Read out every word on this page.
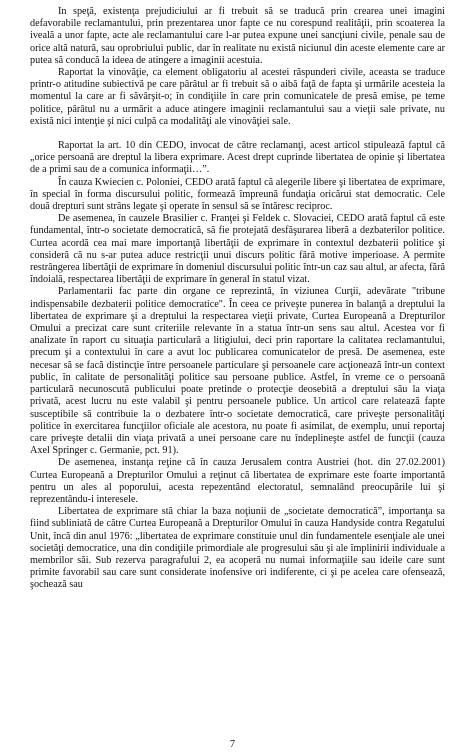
În speţă, existenţa prejudiciului ar fi trebuit să se traducă prin crearea unei imagini defavorabile reclamantului, prin prezentarea unor fapte ce nu corespund realităţii, prin scoaterea la iveală a unor fapte, acte ale reclamantului care l-ar putea expune unei sancţiuni civile, penale sau de orice altă natură, sau oprobriului public, dar în realitate nu există niciunul din aceste elemente care ar putea să conducă la ideea de atingere a imaginii acestuia.

Raportat la vinovăţie, ca element obligatoriu al acestei răspunderi civile, aceasta se traduce printr-o atitudine subiectivă pe care pârâtul ar fi trebuit să o aibă faţă de fapta şi urmările acesteia la momentul la care ar fi săvârşit-o; în condiţiile în care prin comunicatele de presă emise, pe teme politice, pârâtul nu a urmărit a aduce atingere imaginii reclamantului sau a vieţii sale private, nu există nici intenţie şi nici culpă ca modalităţi ale vinovăţiei sale.

Raportat la art. 10 din CEDO, invocat de către reclamanţi, acest articol stipulează faptul că „orice persoană are dreptul la libera exprimare. Acest drept cuprinde libertatea de opinie şi libertatea de a primi sau de a comunica informaţii…”.

În cauza Kwiecien c. Poloniei, CEDO arată faptul că alegerile libere şi libertatea de exprimare, în special în forma discursului politic, formează împreună fundaţia oricărui stat democratic. Cele două drepturi sunt strâns legate şi operate în sensul să se întăresc reciproc.

De asemenea, în cauzele Brasilier c. Franţei şi Feldek c. Slovaciei, CEDO arată faptul că este fundamental, într-o societate democratică, să fie protejată desfăşurarea liberă a dezbaterilor politice. Curtea acordă cea mai mare importanţă libertăţii de exprimare în contextul dezbaterii politice şi consideră că nu s-ar putea aduce restricţii unui discurs politic fără motive imperioase. A permite restrângerea libertăţii de exprimare în domeniul discursului politic într-un caz sau altul, ar afecta, fără îndoială, respectarea libertăţii de exprimare în general în statul vizat.

Parlamentarii fac parte din organe ce reprezintă, în viziunea Curţii, adevărate "tribune indispensabile dezbaterii politice democratice". În ceea ce priveşte punerea în balanţă a dreptului la libertatea de exprimare şi a dreptului la respectarea vieţii private, Curtea Europeană a Drepturilor Omului a precizat care sunt criteriile relevante în a statua într-un sens sau altul. Acestea vor fi analizate în raport cu situaţia particulară a litigiului, deci prin raportare la calitatea reclamantului, precum şi a contextului în care a avut loc publicarea comunicatelor de presă. De asemenea, este necesar să se facă distincţie între persoanele particulare şi persoanele care acţionează într-un context public, în calitate de personalităţi politice sau persoane publice. Astfel, în vreme ce o persoană particulară necunoscută publicului poate pretinde o protecţie deosebită a dreptului său la viaţa privată, acest lucru nu este valabil şi pentru persoanele publice. Un articol care relatează fapte susceptibile să contribuie la o dezbatere într-o societate democratică, care priveşte personalităţi politice în exercitarea funcţiilor oficiale ale acestora, nu poate fi asimilat, de exemplu, unui reportaj care priveşte detalii din viaţa privată a unei persoane care nu îndeplineşte astfel de funcţii (cauza Axel Springer c. Germanie, pct. 91).

De asemenea, instanţa reţine că în cauza Jerusalem contra Austriei (hot. din 27.02.2001) Curtea Europeană a Drepturilor Omului a reţinut că libertatea de exprimare este foarte importantă pentru un ales al poporului, acesta repezentând electoratul, semnalând preocupările lui şi reprezentându-i interesele.

Libertatea de exprimare stă chiar la baza noţiunii de „societate democratică”, importanţa sa fiind subliniată de către Curtea Europeană a Drepturilor Omului în cauza Handyside contra Regatului Unit, încă din anul 1976: „libertatea de exprimare constituie unul din fundamentele esenţiale ale unei societăţi democratice, una din condiţiile primordiale ale progresului său şi ale împlinirii individuale a membrilor săi. Sub rezerva paragrafului 2, ea acoperă nu numai informaţiile sau ideile care sunt primite favorabil sau care sunt considerate inofensive ori indiferente, ci şi pe acelea care ofensează, şochează sau

7
